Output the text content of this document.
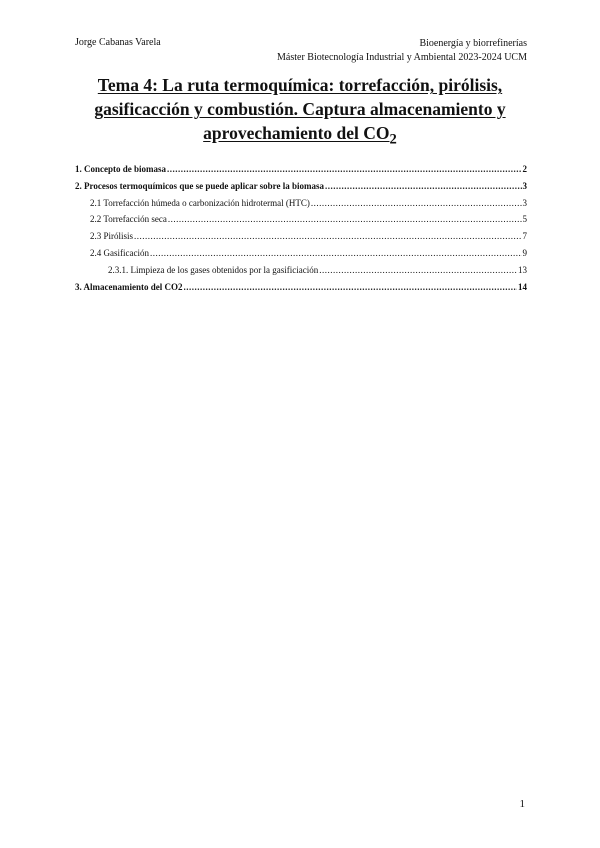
Jorge Cabanas Varela	Bioenergía y biorrefinerías
Máster Biotecnología Industrial y Ambiental 2023-2024 UCM
Tema 4: La ruta termoquímica: torrefacción, pirólisis, gasificacción y combustión. Captura almacenamiento y aprovechamiento del $CO_2$
1. Concepto de biomasa .....	2
2. Procesos termoquímicos que se puede aplicar sobre la biomasa .....	3
2.1 Torrefacción húmeda o carbonización hidrotermal (HTC) .....	3
2.2 Torrefacción seca .....	5
2.3 Pirólisis .....	7
2.4 Gasificación .....	9
2.3.1. Limpieza de los gases obtenidos por la gasificiación .....	13
3. Almacenamiento del CO2 .....	14
1
